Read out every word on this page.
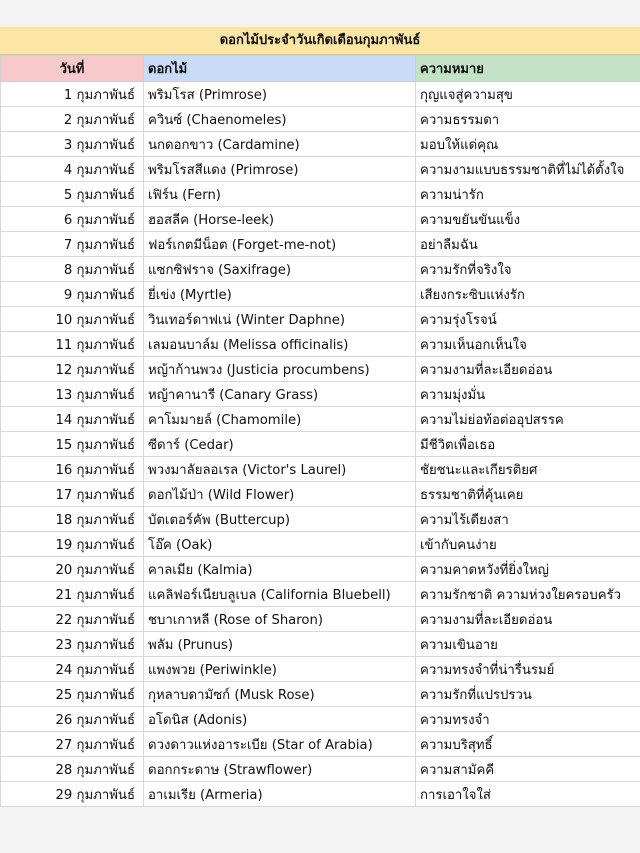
ดอกไม้ประจำวันเกิดเดือนกุมภาพันธ์
วันที่	ดอกไม้	ความหมาย
1 กุมภาพันธ์	พริมโรส (Primrose)	กุญแจสู่ความสุข
2 กุมภาพันธ์	ควินซ์ (Chaenomeles)	ความธรรมดา
3 กุมภาพันธ์	นกดอกขาว (Cardamine)	มอบให้แด่คุณ
4 กุมภาพันธ์	พริมโรสสีแดง (Primrose)	ความงามแบบธรรมชาติที่ไม่ได้ตั้งใจ
5 กุมภาพันธ์	เฟิร์น (Fern)	ความน่ารัก
6 กุมภาพันธ์	ฮอสลีค (Horse-leek)	ความขยันขันแข็ง
7 กุมภาพันธ์	ฟอร์เกตมีน็อต (Forget-me-not)	อย่าลืมฉัน
8 กุมภาพันธ์	แซกซิฟราจ (Saxifrage)	ความรักที่จริงใจ
9 กุมภาพันธ์	ยี่เข่ง (Myrtle)	เสียงกระซิบแห่งรัก
10 กุมภาพันธ์	วินเทอร์ดาฟเน่ (Winter Daphne)	ความรุ่งโรจน์
11 กุมภาพันธ์	เลมอนบาล์ม (Melissa officinalis)	ความเห็นอกเห็นใจ
12 กุมภาพันธ์	หญ้าก้านพวง (Justicia procumbens)	ความงามที่ละเอียดอ่อน
13 กุมภาพันธ์	หญ้าคานารี (Canary Grass)	ความมุ่งมั่น
14 กุมภาพันธ์	คาโมมายล์ (Chamomile)	ความไม่ย่อท้อต่ออุปสรรค
15 กุมภาพันธ์	ซีดาร์ (Cedar)	มีชีวิตเพื่อเธอ
16 กุมภาพันธ์	พวงมาลัยลอเรล (Victor's Laurel)	ชัยชนะและเกียรติยศ
17 กุมภาพันธ์	ดอกไม้ป่า (Wild Flower)	ธรรมชาติที่คุ้นเคย
18 กุมภาพันธ์	บัตเตอร์คัพ (Buttercup)	ความไร้เดียงสา
19 กุมภาพันธ์	โอ๊ค (Oak)	เข้ากับคนง่าย
20 กุมภาพันธ์	คาลเมีย (Kalmia)	ความคาดหวังที่ยิ่งใหญ่
21 กุมภาพันธ์	แคลิฟอร์เนียบลูเบล (California Bluebell)	ความรักชาติ ความห่วงใยครอบครัว
22 กุมภาพันธ์	ชบาเกาหลี (Rose of Sharon)	ความงามที่ละเอียดอ่อน
23 กุมภาพันธ์	พลัม (Prunus)	ความเขินอาย
24 กุมภาพันธ์	แพงพวย (Periwinkle)	ความทรงจำที่น่ารื่นรมย์
25 กุมภาพันธ์	กุหลาบดามัซก์ (Musk Rose)	ความรักที่แปรปรวน
26 กุมภาพันธ์	อโดนิส (Adonis)	ความทรงจำ
27 กุมภาพันธ์	ดวงดาวแห่งอาระเบีย (Star of Arabia)	ความบริสุทธิ์
28 กุมภาพันธ์	ดอกกระดาษ (Strawflower)	ความสามัคคี
29 กุมภาพันธ์	อาเมเรีย (Armeria)	การเอาใจใส่
